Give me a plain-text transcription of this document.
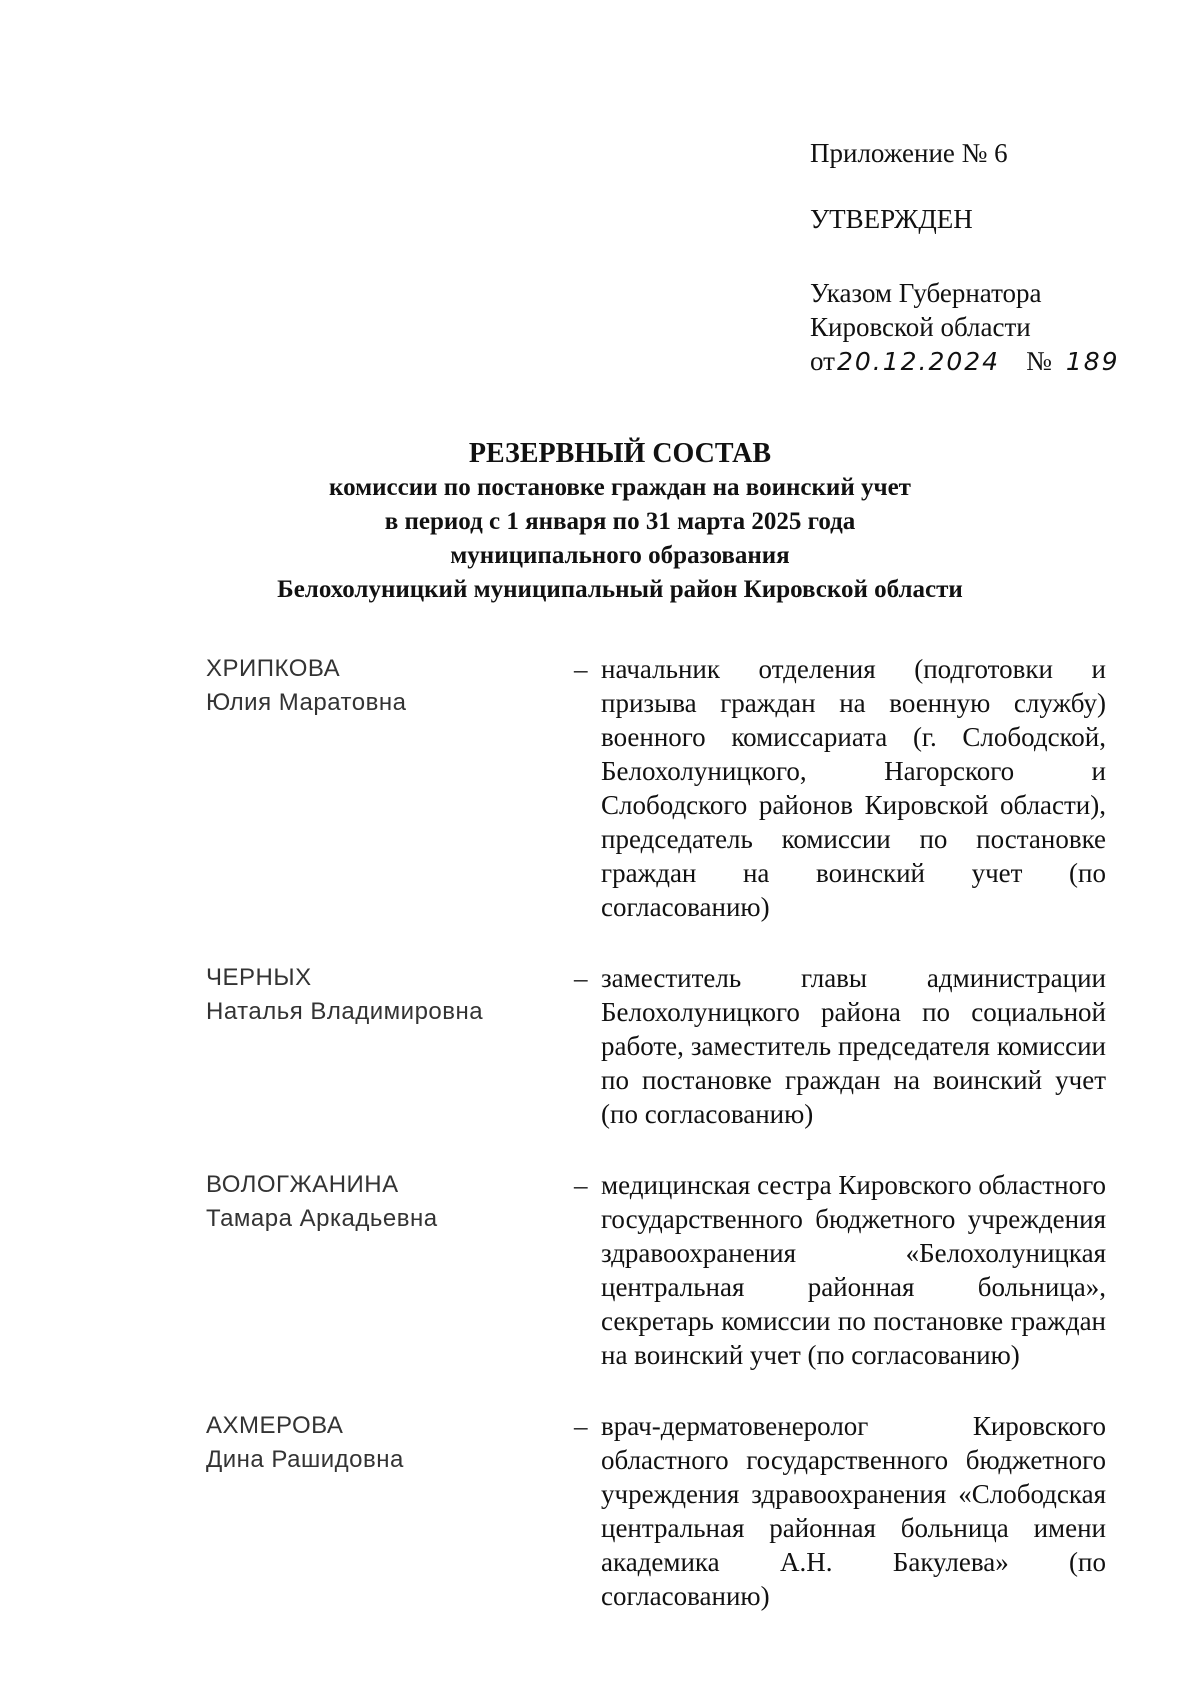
Приложение № 6
УТВЕРЖДЕН
Указом Губернатора
Кировской области
от20.12.2024 № 189
РЕЗЕРВНЫЙ СОСТАВ
комиссии по постановке граждан на воинский учет
в период с 1 января по 31 марта 2025 года
муниципального образования
Белохолуницкий муниципальный район Кировской области
ХРИПКОВА
Юлия Маратовна
– начальник отделения (подготовки и призыва граждан на военную службу) военного комиссариата (г. Слободской, Белохолуницкого, Нагорского и Слободского районов Кировской области), председатель комиссии по постановке граждан на воинский учет (по согласованию)
ЧЕРНЫХ
Наталья Владимировна
– заместитель главы администрации Белохолуницкого района по социальной работе, заместитель председателя комиссии по постановке граждан на воинский учет (по согласованию)
ВОЛОГЖАНИНА
Тамара Аркадьевна
– медицинская сестра Кировского областного государственного бюджетного учреждения здравоохранения «Белохолуницкая центральная районная больница», секретарь комиссии по постановке граждан на воинский учет (по согласованию)
АХМЕРОВА
Дина Рашидовна
– врач-дерматовенеролог Кировского областного государственного бюджетного учреждения здравоохранения «Слободская центральная районная больница имени академика А.Н. Бакулева» (по согласованию)
